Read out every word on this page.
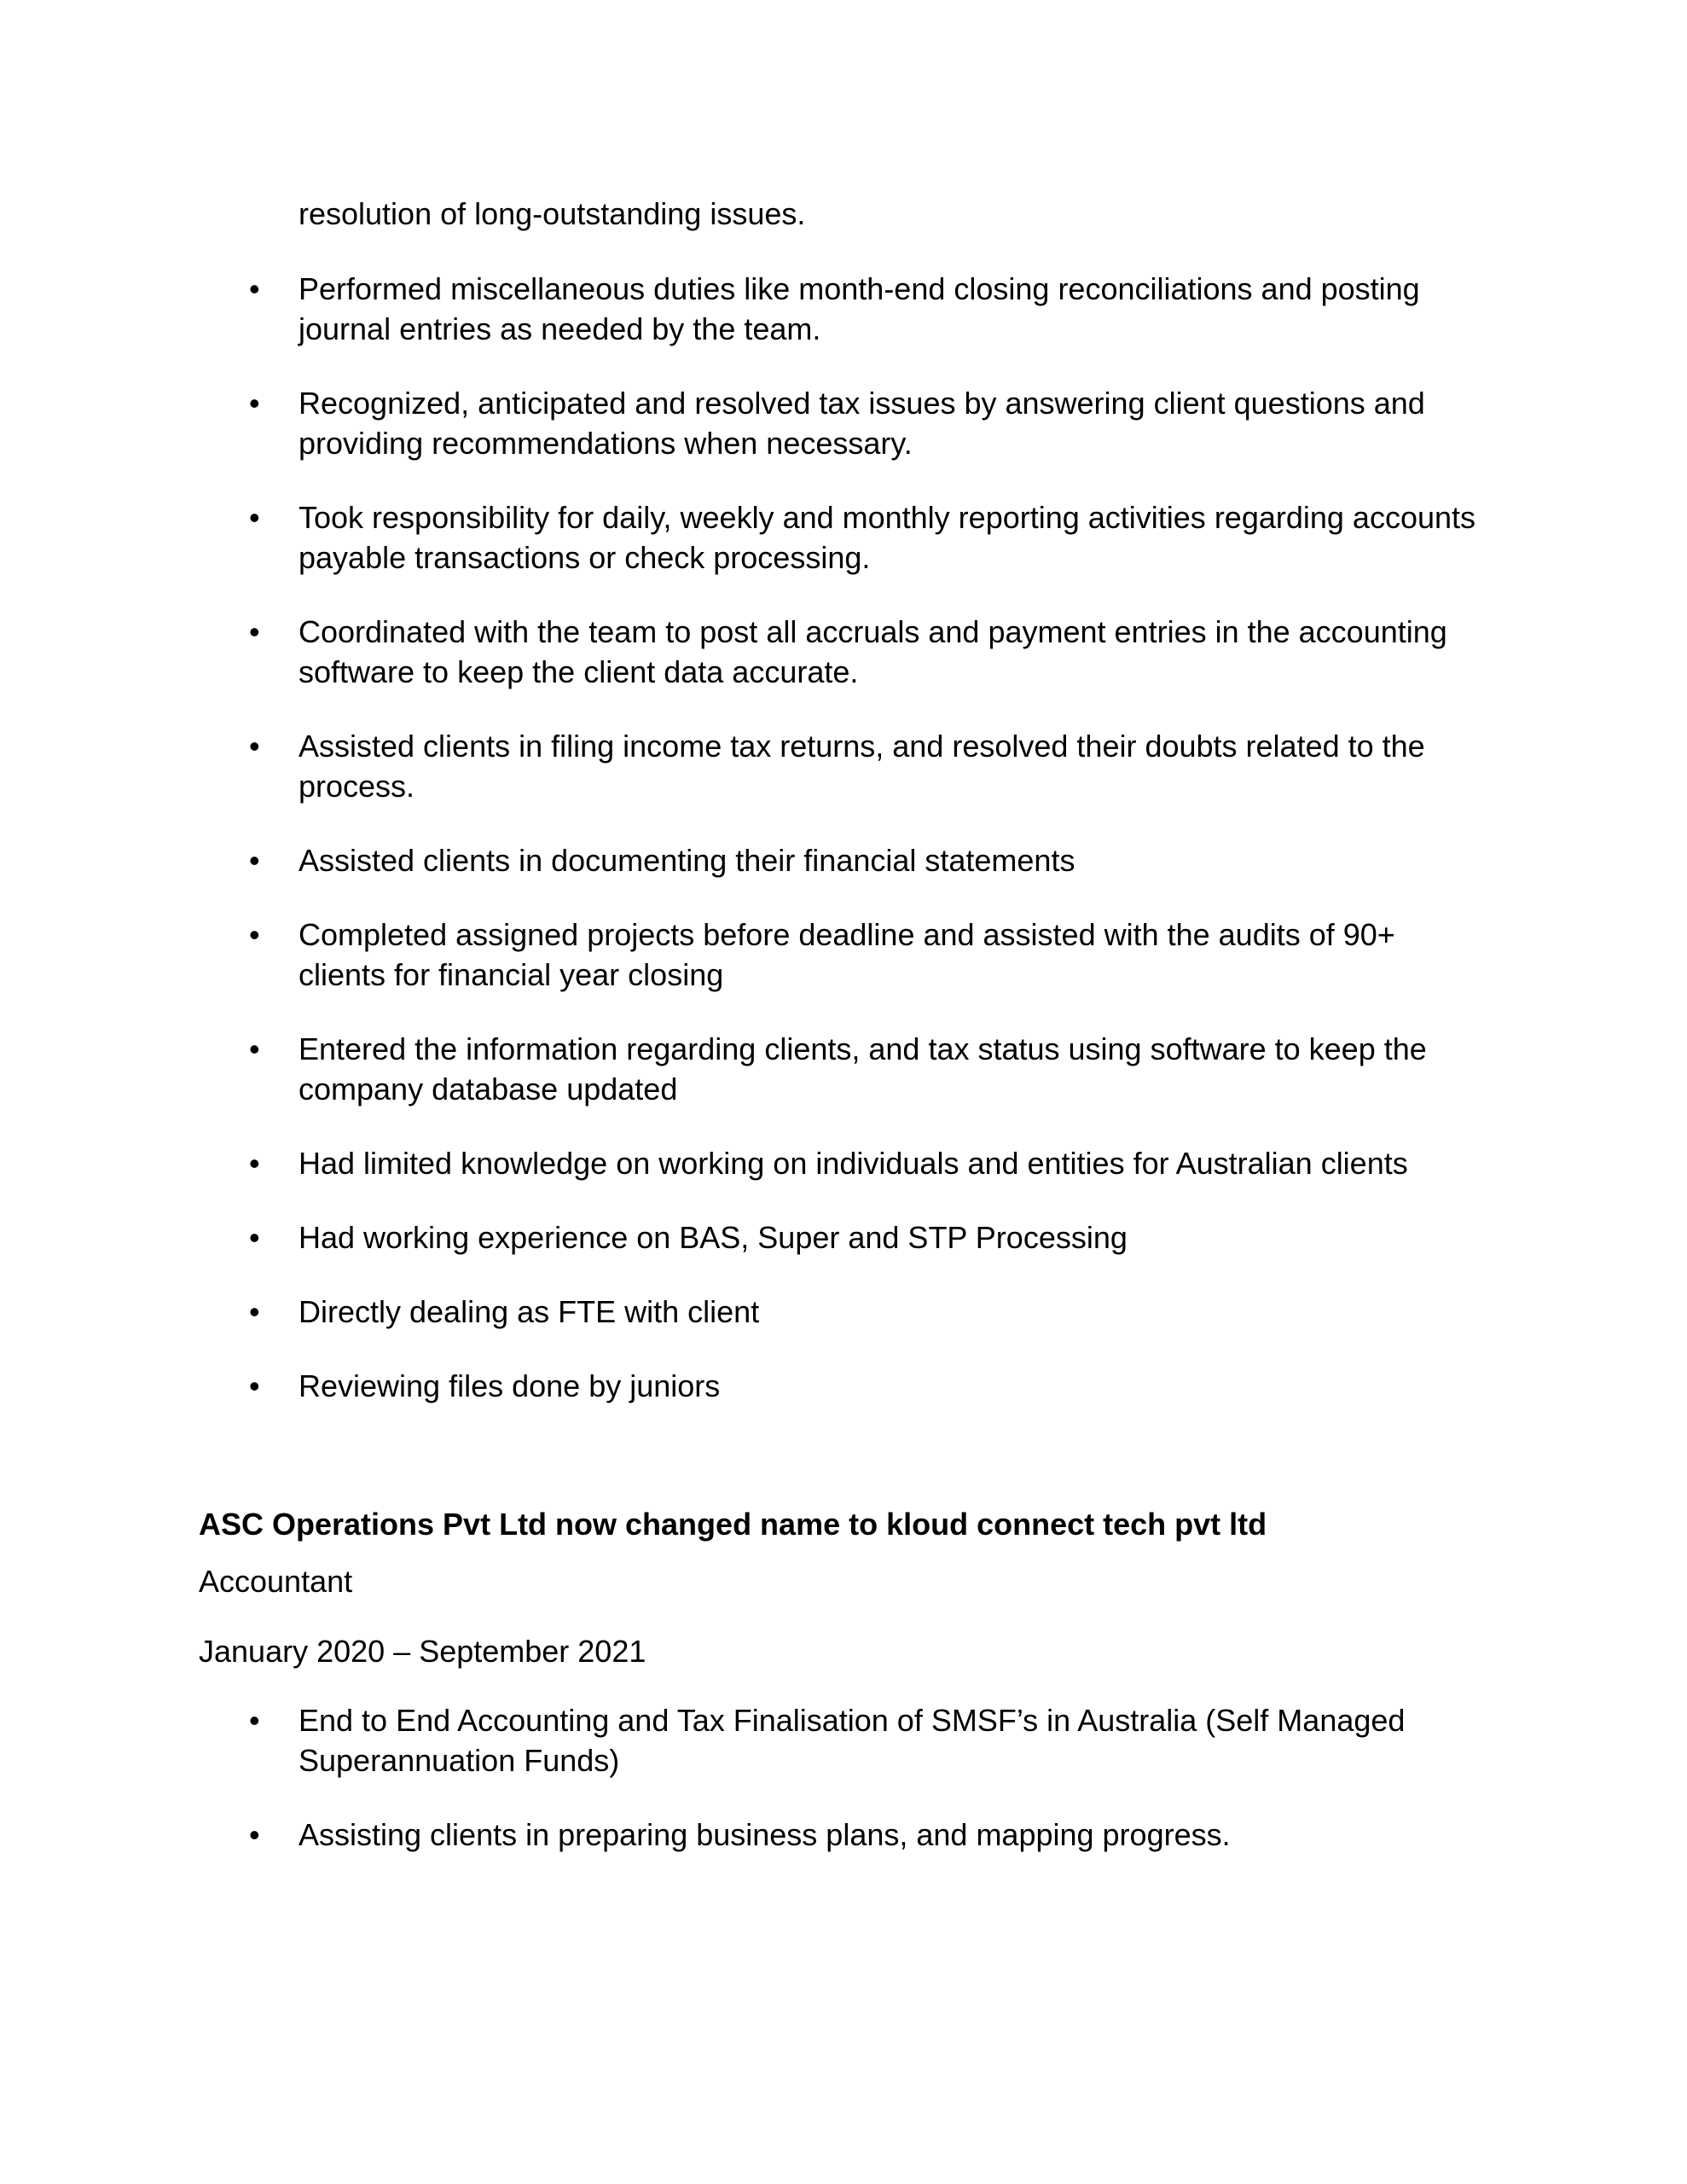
resolution of long-outstanding issues.

• Performed miscellaneous duties like month-end closing reconciliations and posting journal entries as needed by the team.
• Recognized, anticipated and resolved tax issues by answering client questions and providing recommendations when necessary.
• Took responsibility for daily, weekly and monthly reporting activities regarding accounts payable transactions or check processing.
• Coordinated with the team to post all accruals and payment entries in the accounting software to keep the client data accurate.
• Assisted clients in filing income tax returns, and resolved their doubts related to the process.
• Assisted clients in documenting their financial statements
• Completed assigned projects before deadline and assisted with the audits of 90+ clients for financial year closing
• Entered the information regarding clients, and tax status using software to keep the company database updated
• Had limited knowledge on working on individuals and entities for Australian clients
• Had working experience on BAS, Super and STP Processing
• Directly dealing as FTE with client
• Reviewing files done by juniors
ASC Operations Pvt Ltd now changed name to kloud connect tech pvt ltd

Accountant

January 2020 – September 2021

• End to End Accounting and Tax Finalisation of SMSF’s in Australia (Self Managed Superannuation Funds)
• Assisting clients in preparing business plans, and mapping progress.
